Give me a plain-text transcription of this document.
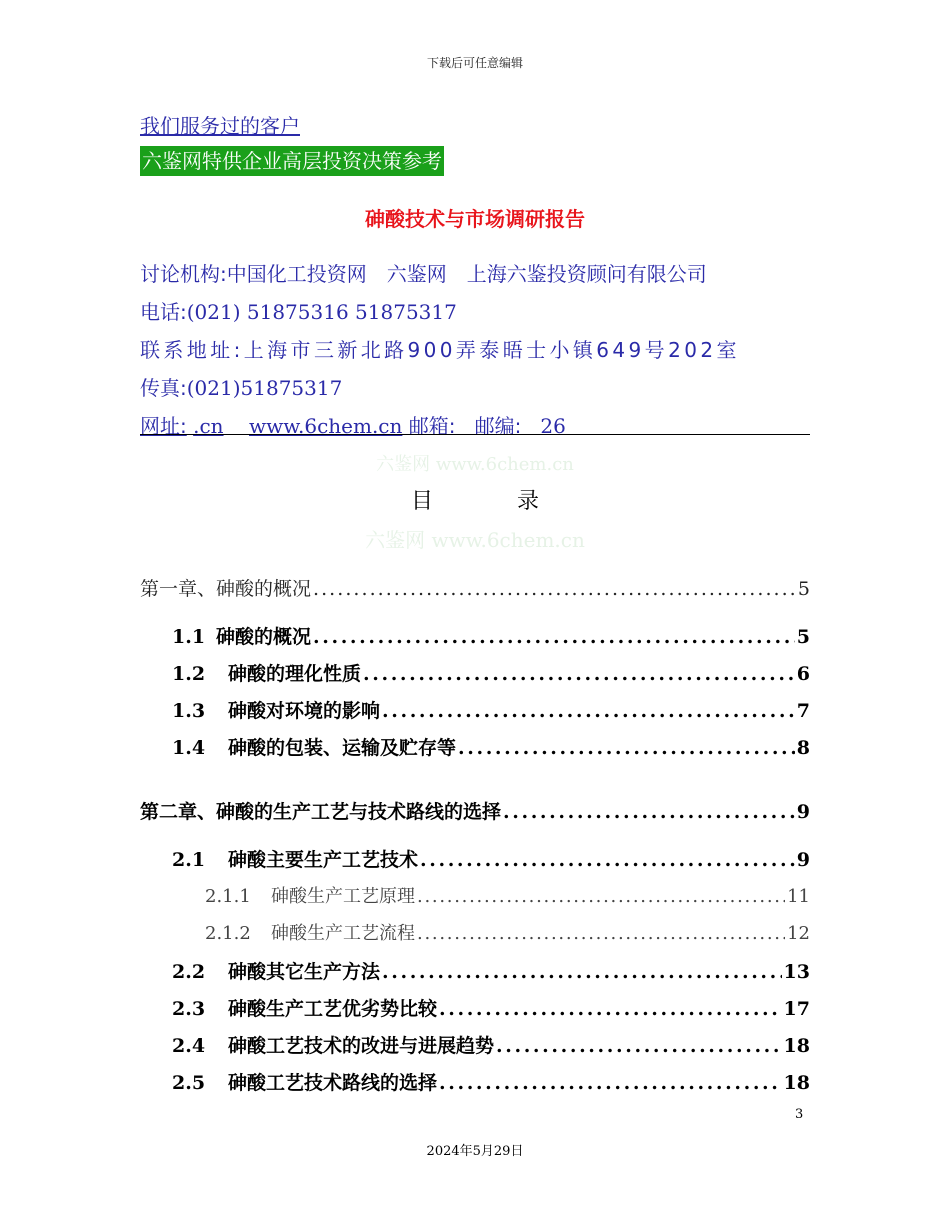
下载后可任意编辑
我们服务过的客户
六鉴网特供企业高层投资决策参考
砷酸技术与市场调研报告
讨论机构:中国化工投资网　六鉴网　上海六鉴投资顾问有限公司
电话:(021) 51875316 51875317
联系地址:上海市三新北路900弄泰晤士小镇649号202室
传真:(021)51875317
网址: .cn www.6chem.cn 邮箱: 邮编: 26
六鉴网 www.6chem.cn
目	录
六鉴网 www.6chem.cn
第一章、砷酸的概况 . . .	5
1.1 砷酸的概况 . . .	5
1.2 砷酸的理化性质 . . .	6
1.3 砷酸对环境的影响 . . .	7
1.4 砷酸的包装、运输及贮存等 . . .	8
第二章、砷酸的生产工艺与技术路线的选择 . . .	9
2.1 砷酸主要生产工艺技术 . . .	9
2.1.1 砷酸生产工艺原理 . . .	11
2.1.2 砷酸生产工艺流程 . . .	12
2.2 砷酸其它生产方法 . . .	13
2.3 砷酸生产工艺优劣势比较 . . .	17
2.4 砷酸工艺技术的改进与进展趋势 . . .	18
2.5 砷酸工艺技术路线的选择 . . .	18
3
2024年5月29日
